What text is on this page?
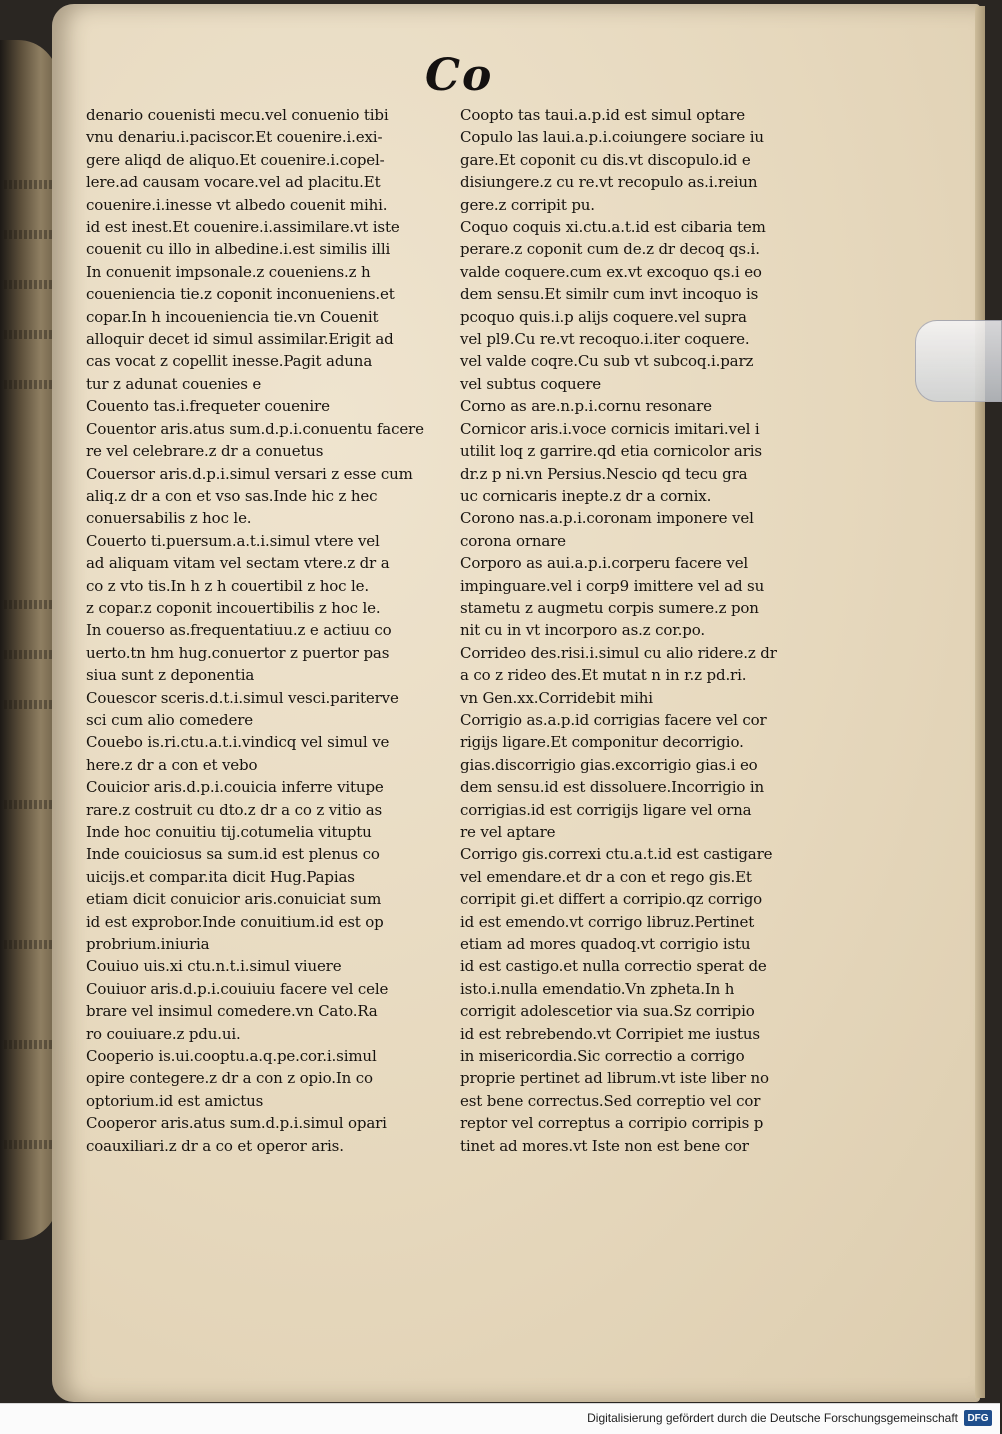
Co

denario couenisti mecu.vel conuenio tibi
vnu denariu.i.paciscor.Et couenire.i.exi-
gere aliqd de aliquo.Et couenire.i.copel-
lere.ad causam vocare.vel ad placitu.Et
couenire.i.inesse vt albedo couenit mihi.
id est inest.Et couenire.i.assimilare.vt iste
couenit cu illo in albedine.i.est similis illi
In conuenit impsonale.z coueniens.z h
coueniencia tie.z coponit inconueniens.et
copar.In h incoueniencia tie.vn Couenit
alloquir decet id simul assimilar.Erigit ad
cas vocat z copellit inesse.Pagit aduna
tur z adunat couenies e

Couento tas.i.frequeter couenire

Couentor aris.atus sum.d.p.i.conuentu facere
re vel celebrare.z dr a conuetus

Couersor aris.d.p.i.simul versari z esse cum
aliq.z dr a con et vso sas.Inde hic z hec
conuersabilis z hoc le.

Couerto ti.puersum.a.t.i.simul vtere vel
ad aliquam vitam vel sectam vtere.z dr a
co z vto tis.In h z h couertibil z hoc le.
z copar.z coponit incouertibilis z hoc le.
In couerso as.frequentatiuu.z e actiuu co
uerto.tn hm hug.conuertor z puertor pas
siua sunt z deponentia

Couescor sceris.d.t.i.simul vesci.pariterve
sci cum alio comedere

Couebo is.ri.ctu.a.t.i.vindicq vel simul ve
here.z dr a con et vebo

Couicior aris.d.p.i.couicia inferre vitupe
rare.z costruit cu dto.z dr a co z vitio as
Inde hoc conuitiu tij.cotumelia vituptu
Inde couiciosus sa sum.id est plenus co
uicijs.et compar.ita dicit Hug.Papias
etiam dicit conuicior aris.conuiciat sum
id est exprobor.Inde conuitium.id est op
probrium.iniuria

Couiuo uis.xi ctu.n.t.i.simul viuere

Couiuor aris.d.p.i.couiuiu facere vel cele
brare vel insimul comedere.vn Cato.Ra
ro couiuare.z pdu.ui.

Cooperio is.ui.cooptu.a.q.pe.cor.i.simul
opire contegere.z dr a con z opio.In co
optorium.id est amictus

Cooperor aris.atus sum.d.p.i.simul opari
coauxiliari.z dr a co et operor aris.

Coopto tas taui.a.p.id est simul optare

Copulo las laui.a.p.i.coiungere sociare iu
gare.Et coponit cu dis.vt discopulo.id e
disiungere.z cu re.vt recopulo as.i.reiun
gere.z corripit pu.

Coquo coquis xi.ctu.a.t.id est cibaria tem
perare.z coponit cum de.z dr decoq qs.i.
valde coquere.cum ex.vt excoquo qs.i eo
dem sensu.Et similr cum invt incoquo is
pcoquo quis.i.p alijs coquere.vel supra
vel pl9.Cu re.vt recoquo.i.iter coquere.
vel valde coqre.Cu sub vt subcoq.i.parz
vel subtus coquere

Corno as are.n.p.i.cornu resonare

Cornicor aris.i.voce cornicis imitari.vel i
utilit loq z garrire.qd etia cornicolor aris
dr.z p ni.vn Persius.Nescio qd tecu gra
uc cornicaris inepte.z dr a cornix.

Corono nas.a.p.i.coronam imponere vel
corona ornare

Corporo as aui.a.p.i.corperu facere vel
impinguare.vel i corp9 imittere vel ad su
stametu z augmetu corpis sumere.z pon
nit cu in vt incorporo as.z cor.po.

Corrideo des.risi.i.simul cu alio ridere.z dr
a co z rideo des.Et mutat n in r.z pd.ri.
vn Gen.xx.Corridebit mihi

Corrigio as.a.p.id corrigias facere vel cor
rigijs ligare.Et componitur decorrigio.
gias.discorrigio gias.excorrigio gias.i eo
dem sensu.id est dissoluere.Incorrigio in
corrigias.id est corrigijs ligare vel orna
re vel aptare

Corrigo gis.correxi ctu.a.t.id est castigare
vel emendare.et dr a con et rego gis.Et
corripit gi.et differt a corripio.qz corrigo
id est emendo.vt corrigo libruz.Pertinet
etiam ad mores quadoq.vt corrigio istu
id est castigo.et nulla correctio sperat de
isto.i.nulla emendatio.Vn zpheta.In h
corrigit adolescetior via sua.Sz corripio
id est rebrebendo.vt Corripiet me iustus
in misericordia.Sic correctio a corrigo
proprie pertinet ad librum.vt iste liber no
est bene correctus.Sed correptio vel cor
reptor vel correptus a corripio corripis p
tinet ad mores.vt Iste non est bene cor

Digitalisierung gefördert durch die Deutsche Forschungsgemeinschaft DFG
